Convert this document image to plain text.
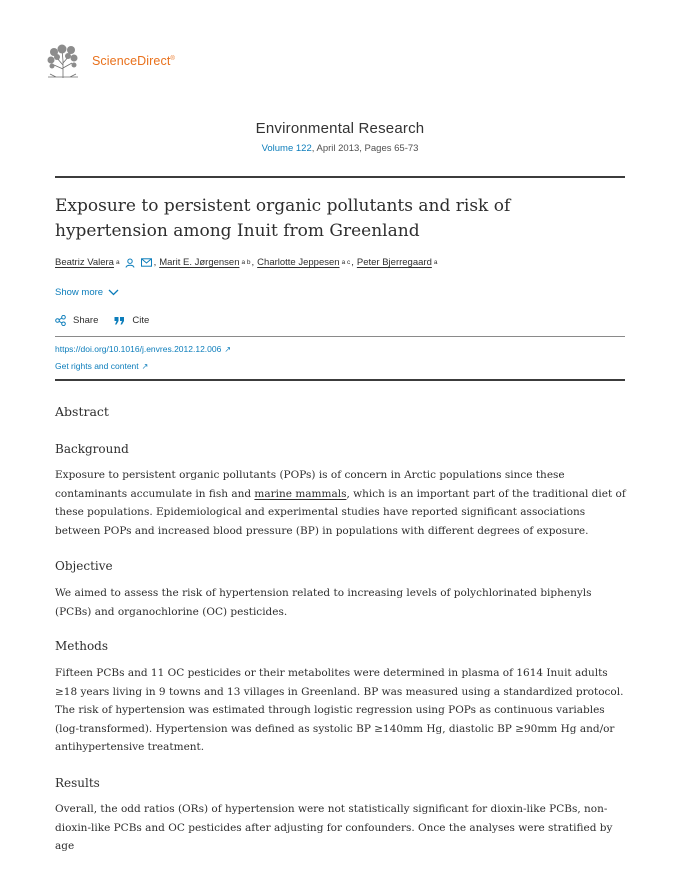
ScienceDirect®
Environmental Research
Volume 122, April 2013, Pages 65-73
Exposure to persistent organic pollutants and risk of hypertension among Inuit from Greenland
Beatriz Valera a	, Marit E. Jørgensen a b , Charlotte Jeppesen a c , Peter Bjerregaard a
Show more
Share	Cite
https://doi.org/10.1016/j.envres.2012.12.006 ↗
Get rights and content ↗
Abstract
Background

Exposure to persistent organic pollutants (POPs) is of concern in Arctic populations since these contaminants accumulate in fish and marine mammals, which is an important part of the traditional diet of these populations. Epidemiological and experimental studies have reported significant associations between POPs and increased blood pressure (BP) in populations with different degrees of exposure.

Objective

We aimed to assess the risk of hypertension related to increasing levels of polychlorinated biphenyls (PCBs) and organochlorine (OC) pesticides.

Methods

Fifteen PCBs and 11 OC pesticides or their metabolites were determined in plasma of 1614 Inuit adults ≥18 years living in 9 towns and 13 villages in Greenland. BP was measured using a standardized protocol. The risk of hypertension was estimated through logistic regression using POPs as continuous variables (log-transformed). Hypertension was defined as systolic BP ≥140mm Hg, diastolic BP ≥90mm Hg and/or antihypertensive treatment.

Results

Overall, the odd ratios (ORs) of hypertension were not statistically significant for dioxin-like PCBs, non-dioxin-like PCBs and OC pesticides after adjusting for confounders. Once the analyses were stratified by age
